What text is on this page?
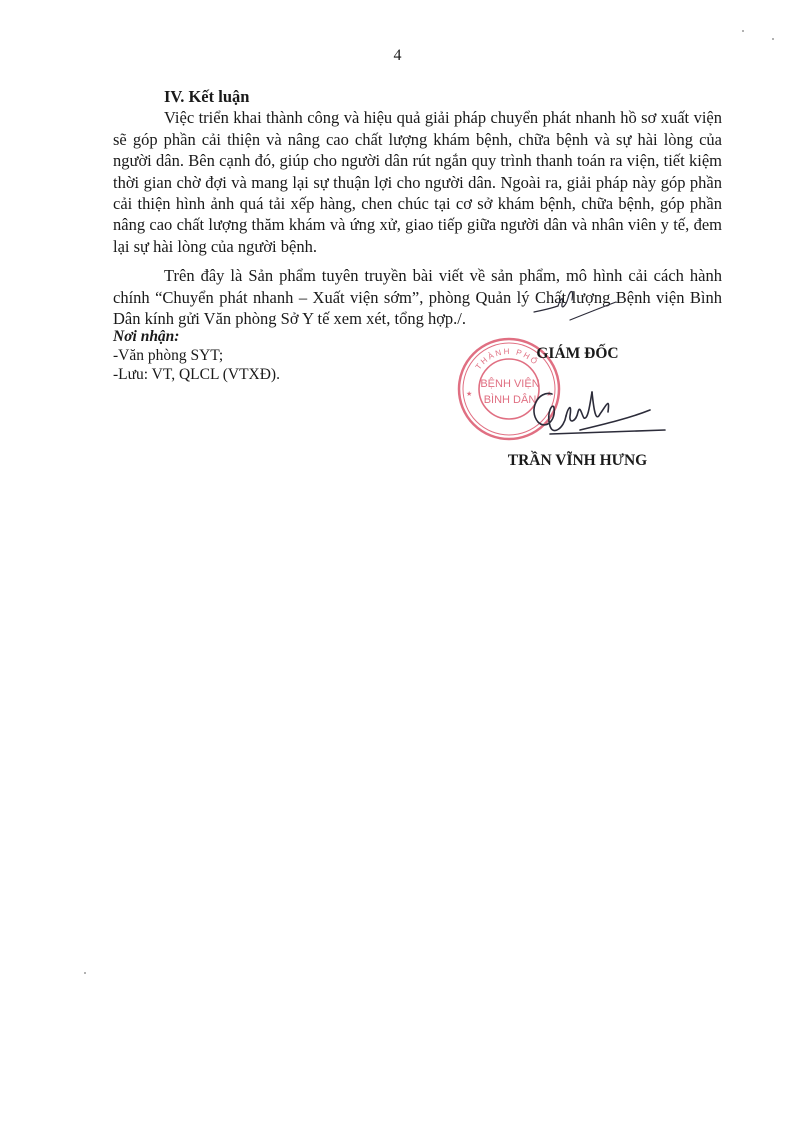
4

IV. Kết luận

Việc triển khai thành công và hiệu quả giải pháp chuyển phát nhanh hồ sơ xuất viện sẽ góp phần cải thiện và nâng cao chất lượng khám bệnh, chữa bệnh và sự hài lòng của người dân. Bên cạnh đó, giúp cho người dân rút ngắn quy trình thanh toán ra viện, tiết kiệm thời gian chờ đợi và mang lại sự thuận lợi cho người dân. Ngoài ra, giải pháp này góp phần cải thiện hình ảnh quá tải xếp hàng, chen chúc tại cơ sở khám bệnh, chữa bệnh, góp phần nâng cao chất lượng thăm khám và ứng xử, giao tiếp giữa người dân và nhân viên y tế, đem lại sự hài lòng của người bệnh.

Trên đây là Sản phẩm tuyên truyền bài viết về sản phẩm, mô hình cải cách hành chính “Chuyển phát nhanh – Xuất viện sớm”, phòng Quản lý Chất lượng Bệnh viện Bình Dân kính gửi Văn phòng Sở Y tế xem xét, tổng hợp./.

Nơi nhận:
-Văn phòng SYT;
-Lưu: VT, QLCL (VTXĐ).
THÀNH PHỐ
BỆNH VIỆN
BÌNH DÂN
★	★
GIÁM ĐỐC
TRẦN VĨNH HƯNG
